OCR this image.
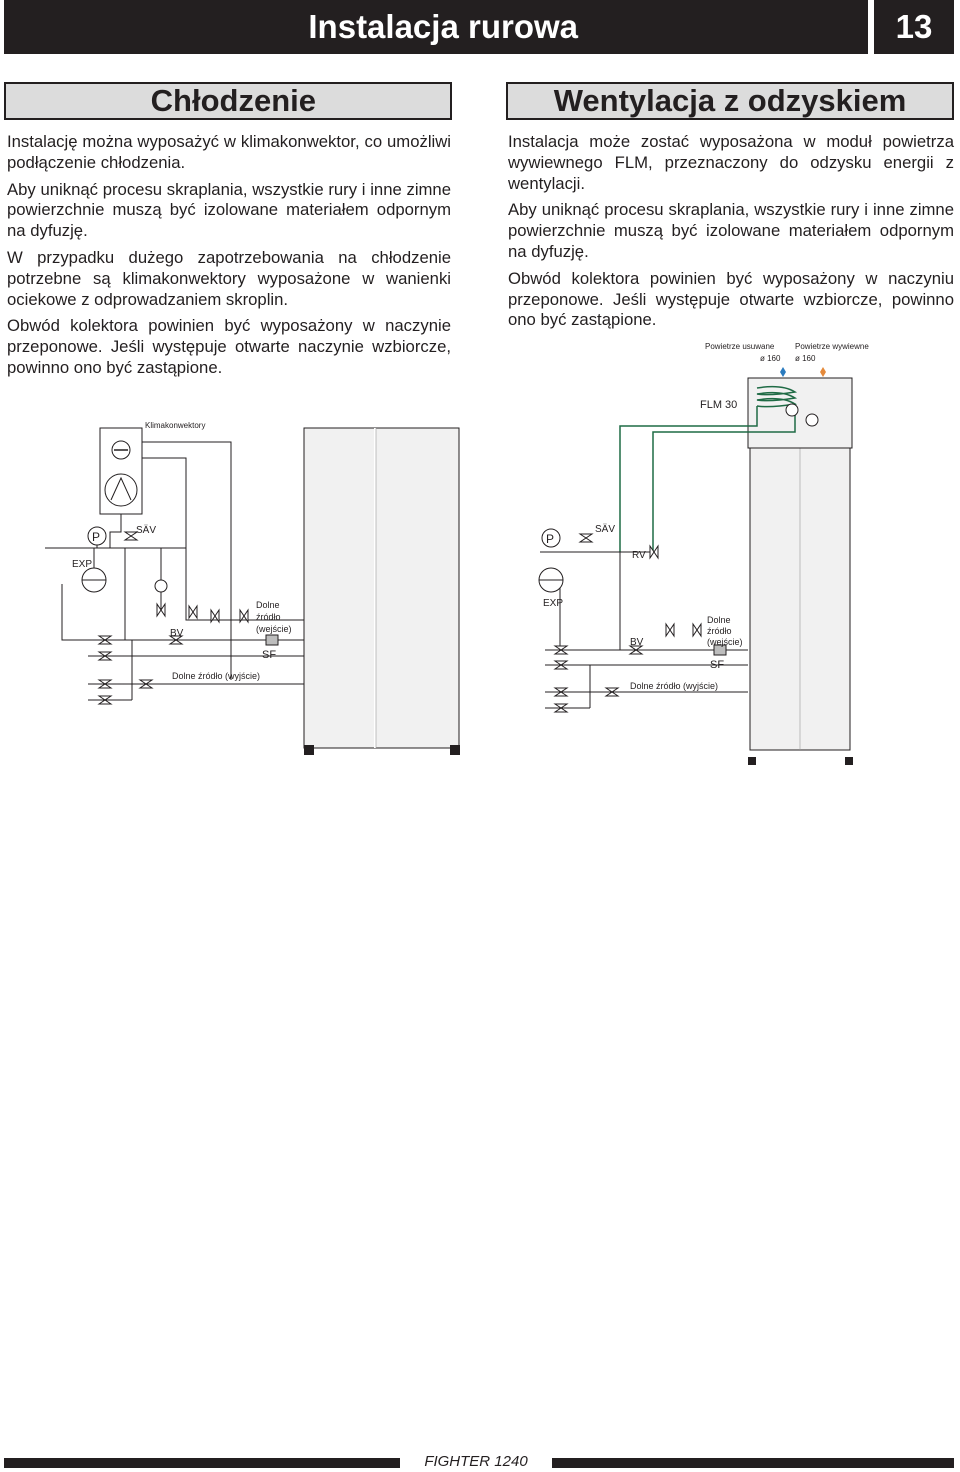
Instalacja rurowa	13
Chłodzenie	Wentylacja z odzyskiem

Instalację można wyposażyć w klimakonwektor, co umożliwi podłączenie chłodzenia.

Aby uniknąć procesu skraplania, wszystkie rury i inne zimne powierzchnie muszą być izolowane materiałem odpornym na dyfuzję.

W przypadku dużego zapotrzebowania na chłodzenie potrzebne są klimakonwektory wyposażone w wanienki ociekowe z odprowadzaniem skroplin.

Obwód kolektora powinien być wyposażony w naczynie przeponowe. Jeśli występuje otwarte naczynie wzbiorcze, powinno ono być zastąpione.

Instalacja może zostać wyposażona w moduł powietrza wywiewnego FLM, przeznaczony do odzysku energii z wentylacji.

Aby uniknąć procesu skraplania, wszystkie rury i inne zimne powierzchnie muszą być izolowane materiałem odpornym na dyfuzję.

Obwód kolektora powinien być wyposażony w naczyniu przeponowe. Jeśli występuje otwarte wzbiorcze, powinno ono być zastąpione.

Klimakonwektory
EXP
P	SÄV
BV
Dolne
źródło
(wejście)
SF
Dolne źródło (wyjście)
FLM 30
Powietrze usuwane
ø 160
Powietrze wywiewne
ø 160
P
SÄV
RV
EXP
BV
Dolne
źródło
(wejście)
SF
Dolne źródło (wyjście)
FIGHTER 1240
